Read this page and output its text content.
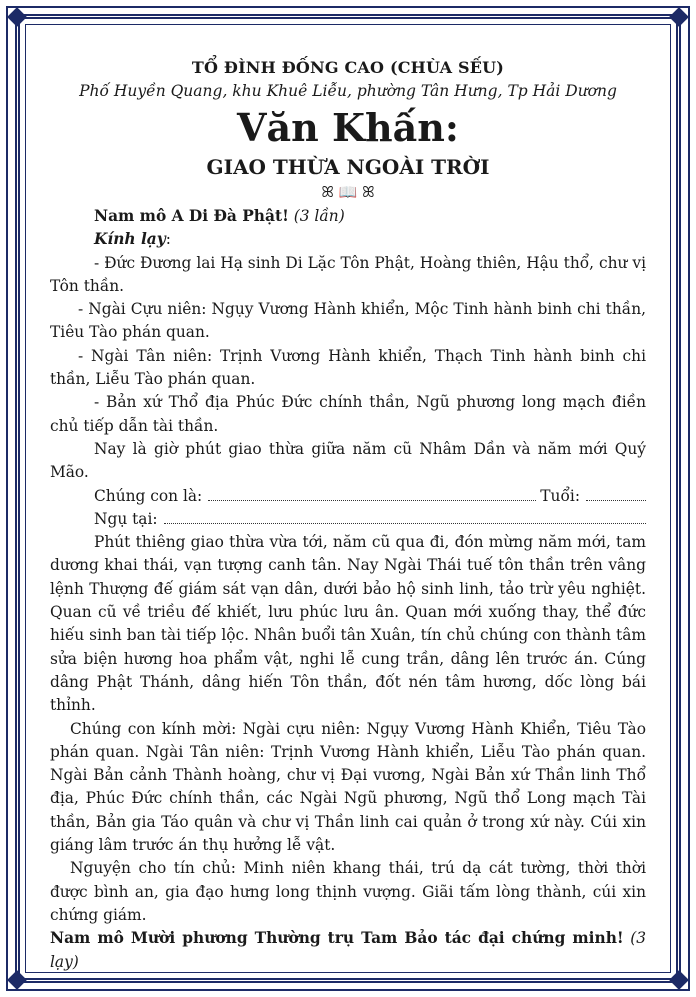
TỔ ĐÌNH ĐỐNG CAO (CHÙA SẾU)
Phố Huyền Quang, khu Khuê Liễu, phường Tân Hưng, Tp Hải Dương
Văn Khấn:
GIAO THỪA NGOÀI TRỜI
ꕤ 📖 ꕤ

Nam mô A Di Đà Phật! (3 lần)

Kính lạy:

- Đức Đương lai Hạ sinh Di Lặc Tôn Phật, Hoàng thiên, Hậu thổ, chư vị Tôn thần.

- Ngài Cựu niên: Ngụy Vương Hành khiển, Mộc Tinh hành binh chi thần, Tiêu Tào phán quan.

- Ngài Tân niên: Trịnh Vương Hành khiển, Thạch Tinh hành binh chi thần, Liễu Tào phán quan.

- Bản xứ Thổ địa Phúc Đức chính thần, Ngũ phương long mạch điền chủ tiếp dẫn tài thần.

Nay là giờ phút giao thừa giữa năm cũ Nhâm Dần và năm mới Quý Mão.

Chúng con là:	Tuổi:
Ngụ tại:

Phút thiêng giao thừa vừa tới, năm cũ qua đi, đón mừng năm mới, tam dương khai thái, vạn tượng canh tân. Nay Ngài Thái tuế tôn thần trên vâng lệnh Thượng đế giám sát vạn dân, dưới bảo hộ sinh linh, tảo trừ yêu nghiệt. Quan cũ về triều đế khiết, lưu phúc lưu ân. Quan mới xuống thay, thể đức hiếu sinh ban tài tiếp lộc. Nhân buổi tân Xuân, tín chủ chúng con thành tâm sửa biện hương hoa phẩm vật, nghi lễ cung trần, dâng lên trước án. Cúng dâng Phật Thánh, dâng hiến Tôn thần, đốt nén tâm hương, dốc lòng bái thỉnh.

Chúng con kính mời: Ngài cựu niên: Ngụy Vương Hành Khiển, Tiêu Tào phán quan. Ngài Tân niên: Trịnh Vương Hành khiển, Liễu Tào phán quan. Ngài Bản cảnh Thành hoàng, chư vị Đại vương, Ngài Bản xứ Thần linh Thổ địa, Phúc Đức chính thần, các Ngài Ngũ phương, Ngũ thổ Long mạch Tài thần, Bản gia Táo quân và chư vị Thần linh cai quản ở trong xứ này. Cúi xin giáng lâm trước án thụ hưởng lễ vật.

Nguyện cho tín chủ: Minh niên khang thái, trú dạ cát tường, thời thời được bình an, gia đạo hưng long thịnh vượng. Giãi tấm lòng thành, cúi xin chứng giám.

Nam mô Mười phương Thường trụ Tam Bảo tác đại chứng minh! (3 lạy)
